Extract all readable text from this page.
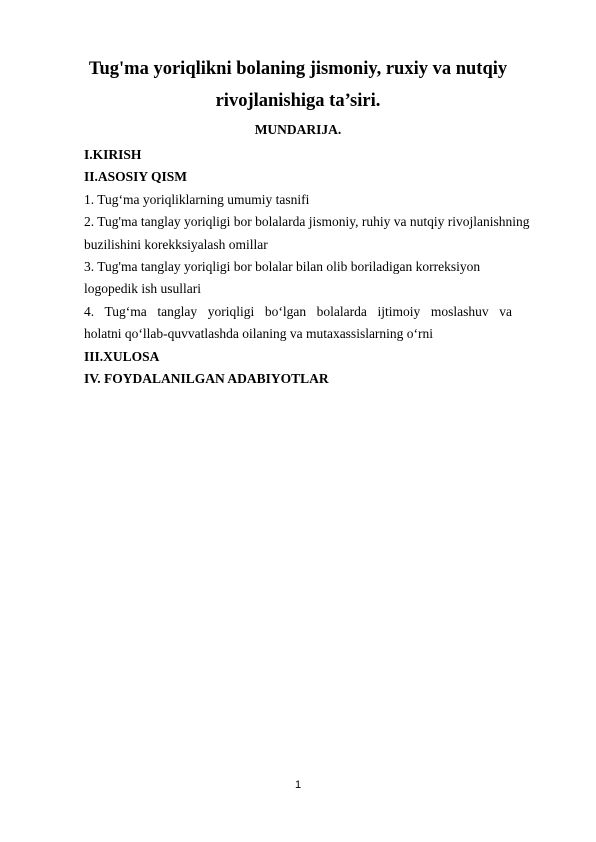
Tug'ma yoriqlikni bolaning jismoniy, ruxiy va nutqiy
rivojlanishiga ta’siri.
MUNDARIJA.
I.KIRISH
II.ASOSIY QISM
1. Tug‘ma yoriqliklarning umumiy tasnifi
2. Tug'ma tanglay yoriqligi bor bolalarda jismoniy, ruhiy va nutqiy rivojlanishning
buzilishini korekksiyalash omillar
3. Tug'ma tanglay yoriqligi bor bolalar bilan olib boriladigan korreksiyon
logopedik ish usullari
4. Tug‘ma tanglay yoriqligi bo‘lgan bolalarda ijtimoiy moslashuv va
holatni qo‘llab-quvvatlashda oilaning va mutaxassislarning o‘rni
III.XULOSA
IV. FOYDALANILGAN ADABIYOTLAR
1
